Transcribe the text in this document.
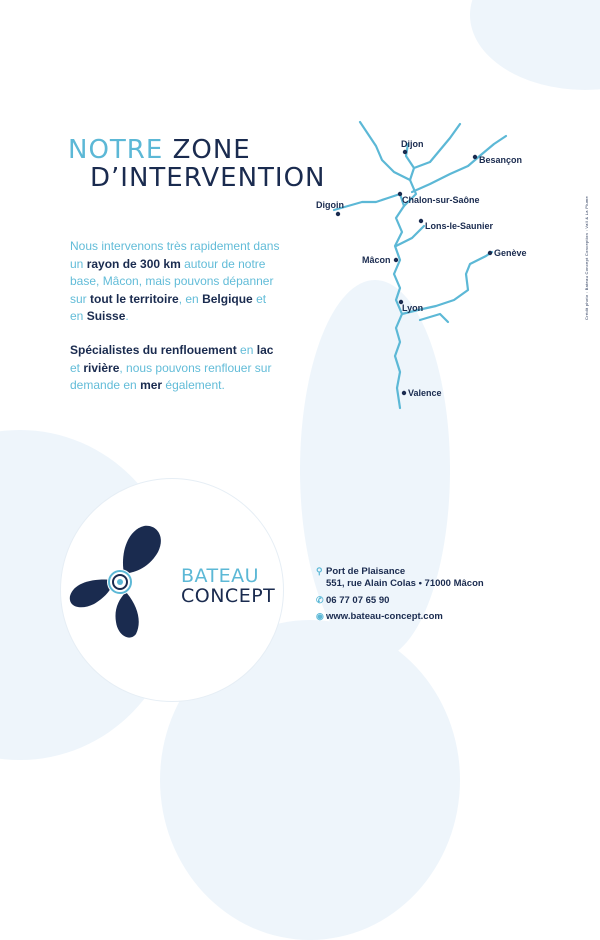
NOTRE ZONE
D’INTERVENTION

Nous intervenons très rapidement dans un rayon de 300 km autour de notre base, Mâcon, mais pouvons dépanner sur tout le territoire, en Belgique et en Suisse.

Spécialistes du renflouement en lac et rivière, nous pouvons renflouer sur demande en mer également.

Dijon
Besançon
Digoin	Chalon-sur-Saône
Lons-le-Saunier
Mâcon
Genève
Lyon
Valence
BATEAU
CONCEPT
⚲ Port de Plaisance
551, rue Alain Colas • 71000 Mâcon
✆ 06 77 07 65 90
◉ www.bateau-concept.com
Crédit photo : Bateau Concept Conception : Vall & La Plume
